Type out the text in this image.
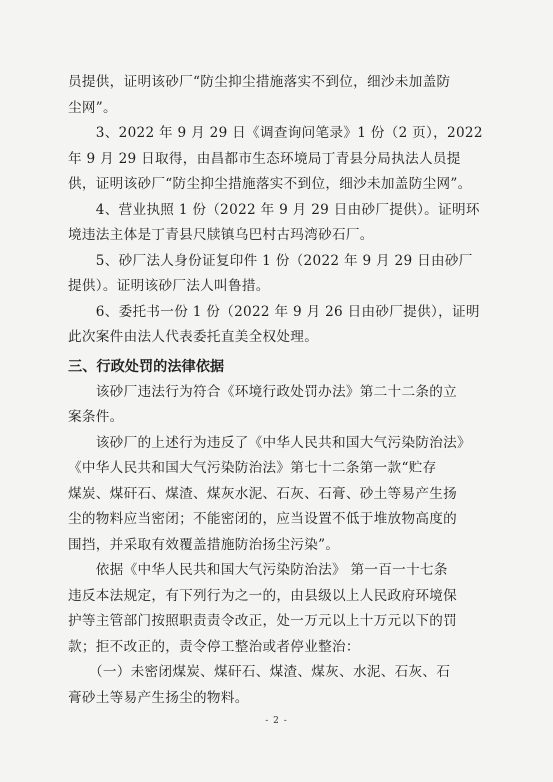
员提供，证明该砂厂“防尘抑尘措施落实不到位，细沙未加盖防
尘网”。

　　3、2022 年 9 月 29 日《调查询问笔录》1 份（2 页），2022
年 9 月 29 日取得，由昌都市生态环境局丁青县分局执法人员提
供，证明该砂厂“防尘抑尘措施落实不到位，细沙未加盖防尘网”。

　　4、营业执照 1 份（2022 年 9 月 29 日由砂厂提供）。证明环
境违法主体是丁青县尺牍镇乌巴村古玛湾砂石厂。

　　5、砂厂法人身份证复印件 1 份（2022 年 9 月 29 日由砂厂
提供）。证明该砂厂法人叫鲁措。

　　6、委托书一份 1 份（2022 年 9 月 26 日由砂厂提供），证明
此次案件由法人代表委托直美全权处理。

三、行政处罚的法律依据

　　该砂厂违法行为符合《环境行政处罚办法》第二十二条的立
案条件。

　　该砂厂的上述行为违反了《中华人民共和国大气污染防治法》
《中华人民共和国大气污染防治法》第七十二条第一款“贮存
煤炭、煤矸石、煤渣、煤灰水泥、石灰、石膏、砂土等易产生扬
尘的物料应当密闭；不能密闭的，应当设置不低于堆放物高度的
围挡，并采取有效覆盖措施防治扬尘污染”。

　　依据《中华人民共和国大气污染防治法》 第一百一十七条
违反本法规定，有下列行为之一的，由县级以上人民政府环境保
护等主管部门按照职责责令改正，处一万元以上十万元以下的罚
款；拒不改正的，责令停工整治或者停业整治：

　　（一）未密闭煤炭、煤矸石、煤渣、煤灰、水泥、石灰、石
膏砂土等易产生扬尘的物料。

- 2 -
